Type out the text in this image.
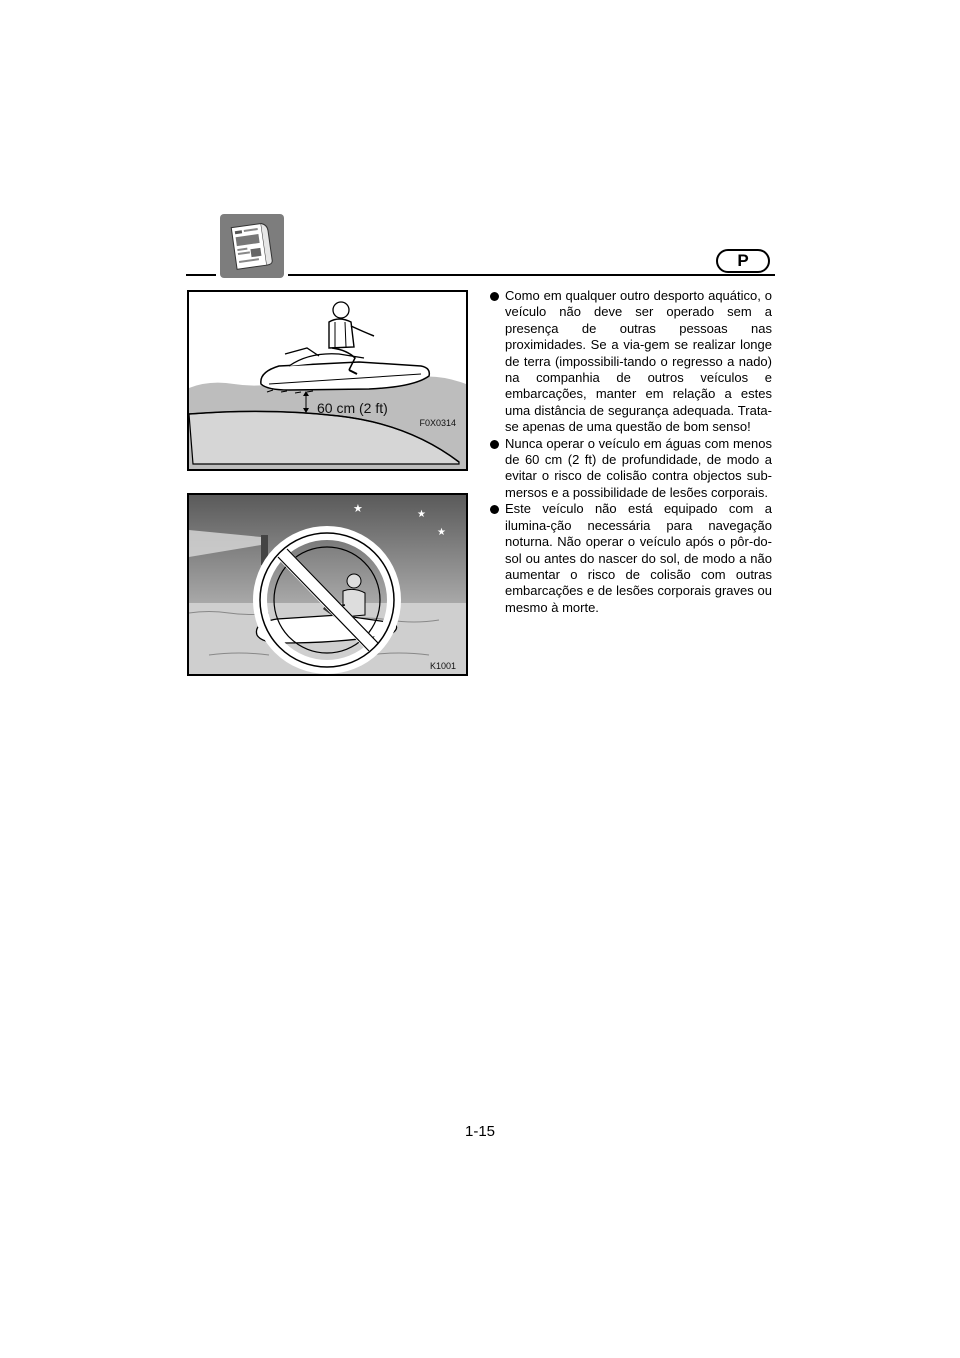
P
60 cm (2 ft)
F0X0314
★	★
★
K1001
Como em qualquer outro desporto aquático, o veículo não deve ser operado sem a presença de outras pessoas nas proximidades. Se a via-gem se realizar longe de terra (impossibili-tando o regresso a nado) na companhia de outros veículos e embarcações, manter em relação a estes uma distância de segurança adequada. Trata-se apenas de uma questão de bom senso!
Nunca operar o veículo em águas com menos de 60 cm (2 ft) de profundidade, de modo a evitar o risco de colisão contra objectos sub-mersos e a possibilidade de lesões corporais.
Este veículo não está equipado com a ilumina-ção necessária para navegação noturna. Não operar o veículo após o pôr-do-sol ou antes do nascer do sol, de modo a não aumentar o risco de colisão com outras embarcações e de lesões corporais graves ou mesmo à morte.
1-15
